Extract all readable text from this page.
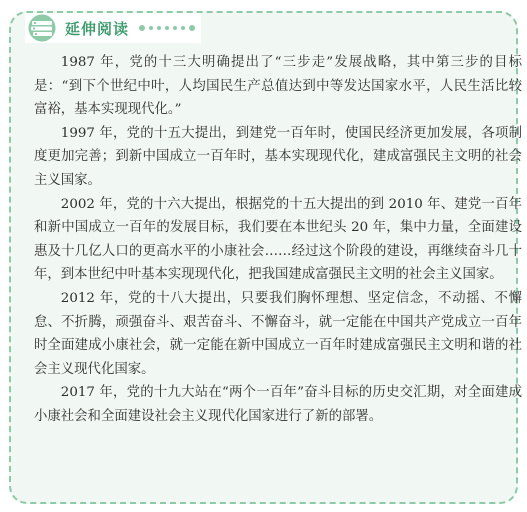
延伸阅读

1987 年，党的十三大明确提出了“三步走”发展战略，其中第三步的目标是：“到下个世纪中叶，人均国民生产总值达到中等发达国家水平，人民生活比较富裕，基本实现现代化。”

1997 年，党的十五大提出，到建党一百年时，使国民经济更加发展，各项制度更加完善；到新中国成立一百年时，基本实现现代化，建成富强民主文明的社会主义国家。

2002 年，党的十六大提出，根据党的十五大提出的到 2010 年、建党一百年和新中国成立一百年的发展目标，我们要在本世纪头 20 年，集中力量，全面建设惠及十几亿人口的更高水平的小康社会……经过这个阶段的建设，再继续奋斗几十年，到本世纪中叶基本实现现代化，把我国建成富强民主文明的社会主义国家。

2012 年，党的十八大提出，只要我们胸怀理想、坚定信念，不动摇、不懈怠、不折腾，顽强奋斗、艰苦奋斗、不懈奋斗，就一定能在中国共产党成立一百年时全面建成小康社会，就一定能在新中国成立一百年时建成富强民主文明和谐的社会主义现代化国家。

2017 年，党的十九大站在“两个一百年”奋斗目标的历史交汇期，对全面建成小康社会和全面建设社会主义现代化国家进行了新的部署。
